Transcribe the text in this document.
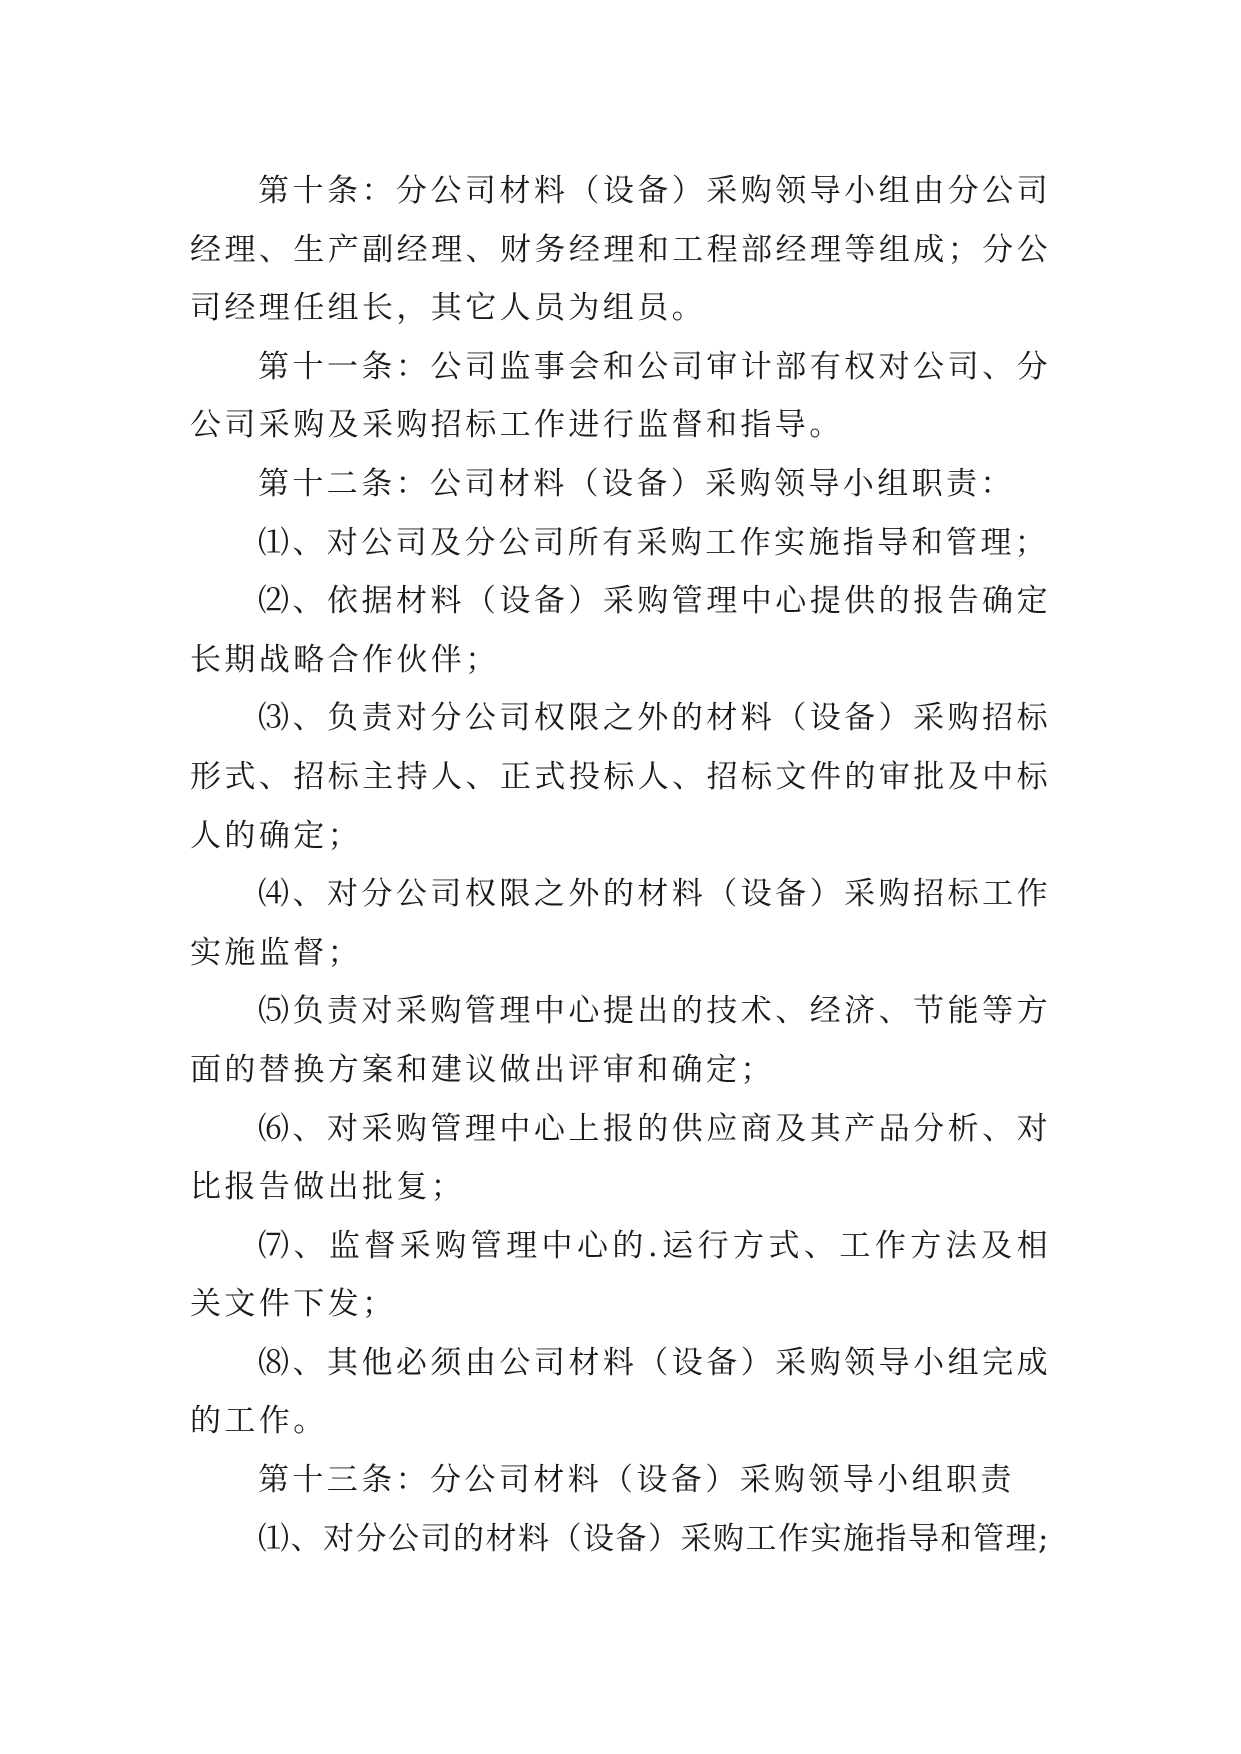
第十条：分公司材料（设备）采购领导小组由分公司经理、生产副经理、财务经理和工程部经理等组成；分公司经理任组长，其它人员为组员。

第十一条：公司监事会和公司审计部有权对公司、分公司采购及采购招标工作进行监督和指导。

第十二条：公司材料（设备）采购领导小组职责：

⑴、对公司及分公司所有采购工作实施指导和管理；

⑵、依据材料（设备）采购管理中心提供的报告确定长期战略合作伙伴；

⑶、负责对分公司权限之外的材料（设备）采购招标形式、招标主持人、正式投标人、招标文件的审批及中标人的确定；

⑷、对分公司权限之外的材料（设备）采购招标工作实施监督；

⑸负责对采购管理中心提出的技术、经济、节能等方面的替换方案和建议做出评审和确定；

⑹、对采购管理中心上报的供应商及其产品分析、对比报告做出批复；

⑺、监督采购管理中心的.运行方式、工作方法及相关文件下发；

⑻、其他必须由公司材料（设备）采购领导小组完成的工作。

第十三条：分公司材料（设备）采购领导小组职责

⑴、对分公司的材料（设备）采购工作实施指导和管理;
